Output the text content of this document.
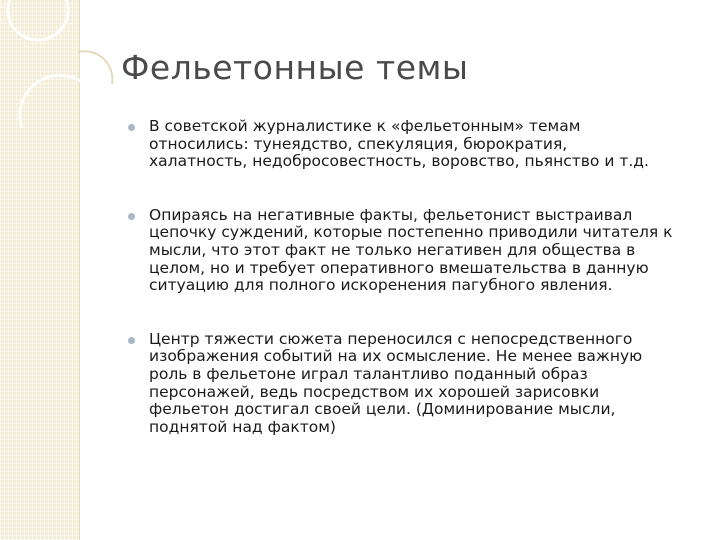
Фельетонные темы
В советской журналистике к «фельетонным» темам
относились: тунеядство, спекуляция, бюрократия,
халатность, недобросовестность, воровство, пьянство и т.д.
Опираясь на негативные факты, фельетонист выстраивал
цепочку суждений, которые постепенно приводили читателя к
мысли, что этот факт не только негативен для общества в
целом, но и требует оперативного вмешательства в данную
ситуацию для полного искоренения пагубного явления.
Центр тяжести сюжета переносился с непосредственного
изображения событий на их осмысление. Не менее важную
роль в фельетоне играл талантливо поданный образ
персонажей, ведь посредством их хорошей зарисовки
фельетон достигал своей цели. (Доминирование мысли,
поднятой над фактом)
